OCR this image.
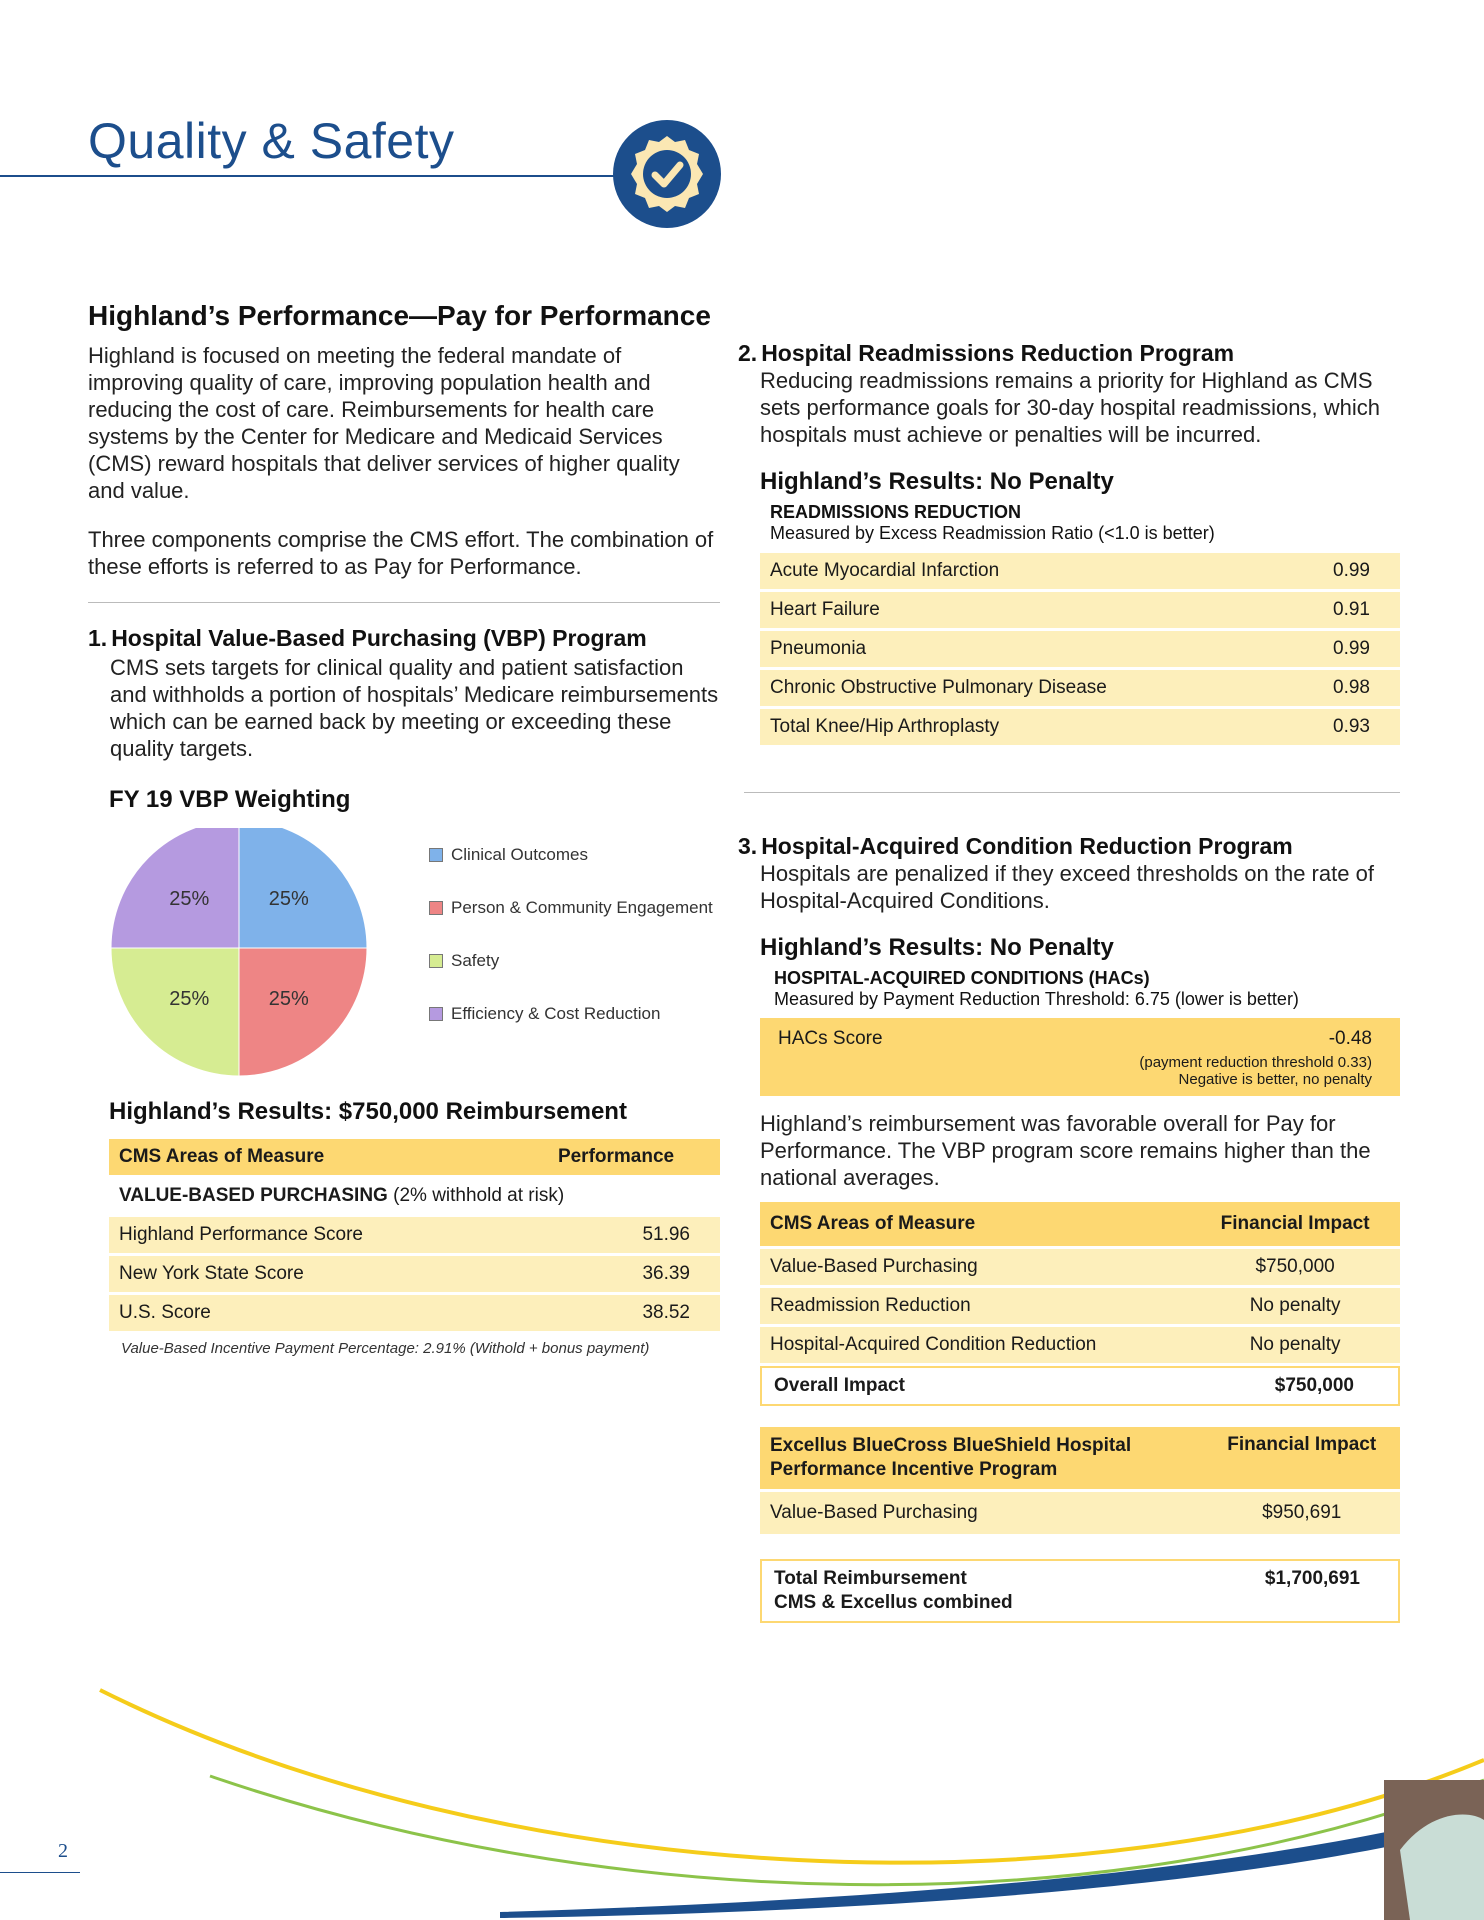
Quality & Safety
Highland’s Performance—Pay for Performance

Highland is focused on meeting the federal mandate of improving quality of care, improving population health and reducing the cost of care. Reimbursements for health care systems by the Center for Medicare and Medicaid Services (CMS) reward hospitals that deliver services of higher quality and value.

Three components comprise the CMS effort. The combination of these efforts is referred to as Pay for Performance.

1. Hospital Value-Based Purchasing (VBP) Program

CMS sets targets for clinical quality and patient satisfaction and withholds a portion of hospitals’ Medicare reimbursements which can be earned back by meeting or exceeding these quality targets.

FY 19 VBP Weighting
25%
25%
25%
25%
Clinical Outcomes
Person & Community Engagement
Safety
Efficiency & Cost Reduction
Highland’s Results: $750,000 Reimbursement
CMS Areas of Measure	Performance
VALUE-BASED PURCHASING (2% withhold at risk)	
Highland Performance Score	51.96
New York State Score	36.39
U.S. Score	38.52
Value-Based Incentive Payment Percentage: 2.91% (Withold + bonus payment)
2. Hospital Readmissions Reduction Program

Reducing readmissions remains a priority for Highland as CMS sets performance goals for 30-day hospital readmissions, which hospitals must achieve or penalties will be incurred.

Highland’s Results: No Penalty
READMISSIONS REDUCTION
Measured by Excess Readmission Ratio (<1.0 is better)
Acute Myocardial Infarction	0.99
Heart Failure	0.91
Pneumonia	0.99
Chronic Obstructive Pulmonary Disease	0.98
Total Knee/Hip Arthroplasty	0.93
3. Hospital-Acquired Condition Reduction Program

Hospitals are penalized if they exceed thresholds on the rate of Hospital-Acquired Conditions.

Highland’s Results: No Penalty
HOSPITAL-ACQUIRED CONDITIONS (HACs)
Measured by Payment Reduction Threshold: 6.75 (lower is better)
HACs Score	-0.48
(payment reduction threshold 0.33)
Negative is better, no penalty

Highland’s reimbursement was favorable overall for Pay for Performance. The VBP program score remains higher than the national averages.

CMS Areas of Measure	Financial Impact
Value-Based Purchasing	$750,000
Readmission Reduction	No penalty
Hospital-Acquired Condition Reduction	No penalty
Overall Impact	$750,000
Excellus BlueCross BlueShield Hospital
Performance Incentive Program	Financial Impact
Value-Based Purchasing	$950,691
Total Reimbursement
CMS & Excellus combined
$1,700,691
2
